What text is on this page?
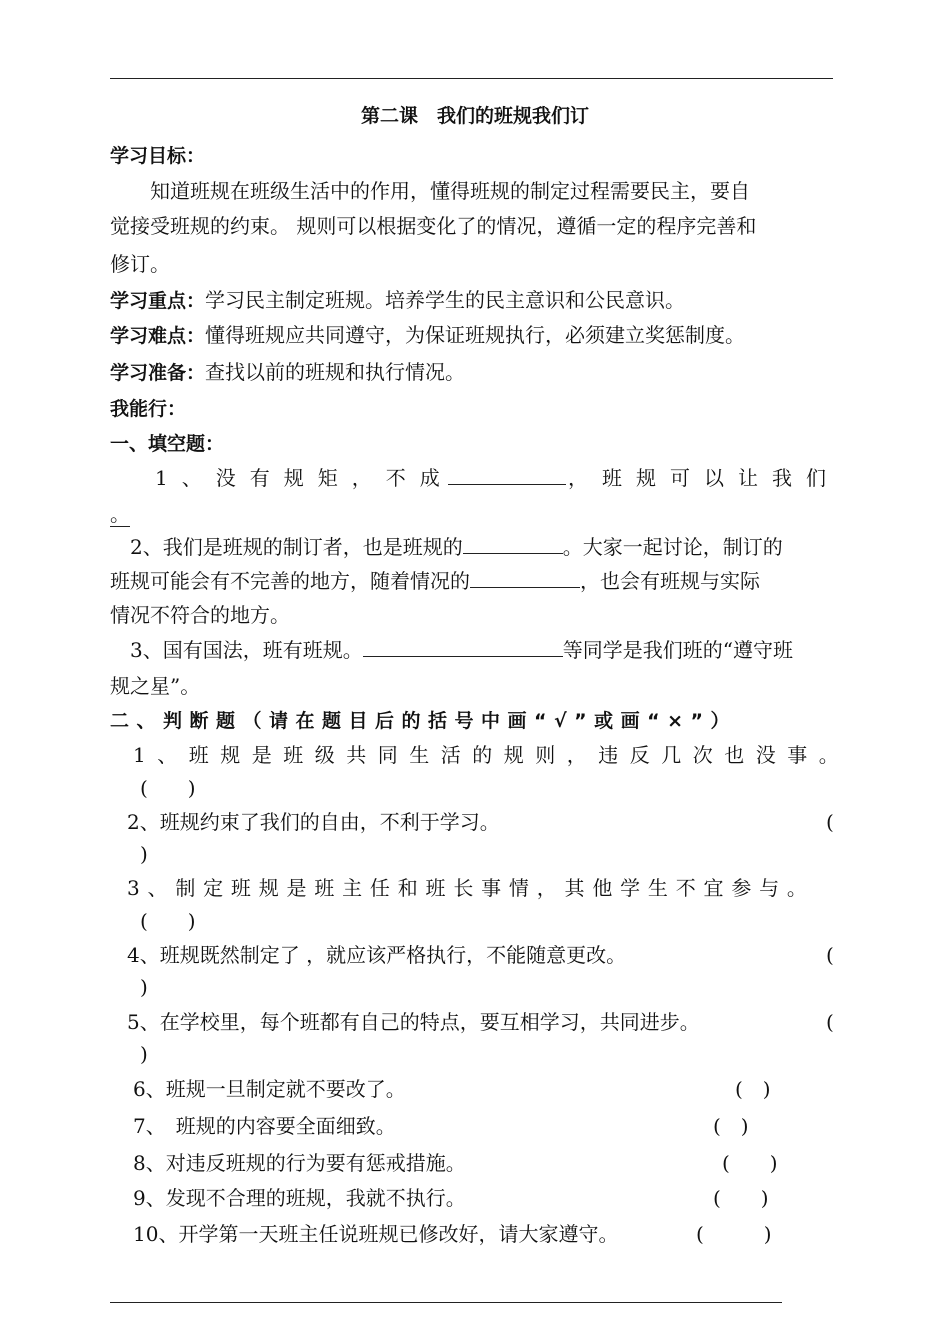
第二课　我们的班规我们订
学习目标：
知道班规在班级生活中的作用，懂得班规的制定过程需要民主，要自
觉接受班规的约束。 规则可以根据变化了的情况，遵循一定的程序完善和
修订。
学习重点：学习民主制定班规。培养学生的民主意识和公民意识。
学习难点：懂得班规应共同遵守，为保证班规执行，必须建立奖惩制度。
学习准备：查找以前的班规和执行情况。
我能行：
一、填空题：
1、没有规矩，不成	，班规可以让我们
。
2、我们是班规的制订者，也是班规的	。大家一起讨论，制订的
班规可能会有不完善的地方，随着情况的	，也会有班规与实际
情况不符合的地方。
3、国有国法，班有班规。	等同学是我们班的“遵守班
规之星”。
二、判断题（请在题目后的括号中画“√”或画“×”）
1、班规是班级共同生活的规则，违反几次也没事。
(　　)
2、班规约束了我们的自由，不利于学习。	(
)
3、制定班规是班主任和班长事情，其他学生不宜参与。
(　　)
4、班规既然制定了 ，就应该严格执行，不能随意更改。	(
)
5、在学校里，每个班都有自己的特点，要互相学习，共同进步。	(
)
6、班规一旦制定就不要改了。	(　)
7、　班规的内容要全面细致。	(　)
8、对违反班规的行为要有惩戒措施。	(　　)
9、发现不合理的班规，我就不执行。	(　　)
10、开学第一天班主任说班规已修改好，请大家遵守。	(　　　)
